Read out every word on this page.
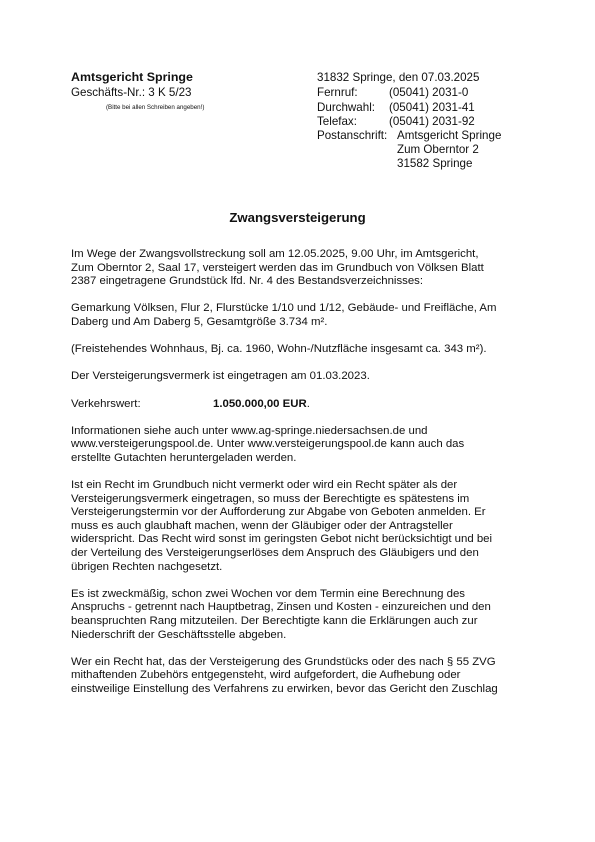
Amtsgericht Springe
Geschäfts-Nr.: 3 K 5/23
(Bitte bei allen Schreiben angeben!)
31832 Springe, den 07.03.2025
Fernruf:	(05041) 2031-0
Durchwahl: (05041) 2031-41
Telefax:	(05041) 2031-92
Postanschrift: Amtsgericht Springe
Zum Oberntor 2
31582 Springe
Zwangsversteigerung

Im Wege der Zwangsvollstreckung soll am 12.05.2025, 9.00 Uhr, im Amtsgericht,
Zum Oberntor 2, Saal 17, versteigert werden das im Grundbuch von Völksen Blatt
2387 eingetragene Grundstück lfd. Nr. 4 des Bestandsverzeichnisses:

Gemarkung Völksen, Flur 2, Flurstücke 1/10 und 1/12, Gebäude- und Freifläche, Am
Daberg und Am Daberg 5, Gesamtgröße 3.734 m².

(Freistehendes Wohnhaus, Bj. ca. 1960, Wohn-/Nutzfläche insgesamt ca. 343 m²).

Der Versteigerungsvermerk ist eingetragen am 01.03.2023.

Verkehrswert:	1.050.000,00 EUR.

Informationen siehe auch unter www.ag-springe.niedersachsen.de und
www.versteigerungspool.de. Unter www.versteigerungspool.de kann auch das
erstellte Gutachten heruntergeladen werden.

Ist ein Recht im Grundbuch nicht vermerkt oder wird ein Recht später als der
Versteigerungsvermerk eingetragen, so muss der Berechtigte es spätestens im
Versteigerungstermin vor der Aufforderung zur Abgabe von Geboten anmelden. Er
muss es auch glaubhaft machen, wenn der Gläubiger oder der Antragsteller
widerspricht. Das Recht wird sonst im geringsten Gebot nicht berücksichtigt und bei
der Verteilung des Versteigerungserlöses dem Anspruch des Gläubigers und den
übrigen Rechten nachgesetzt.

Es ist zweckmäßig, schon zwei Wochen vor dem Termin eine Berechnung des
Anspruchs - getrennt nach Hauptbetrag, Zinsen und Kosten - einzureichen und den
beanspruchten Rang mitzuteilen. Der Berechtigte kann die Erklärungen auch zur
Niederschrift der Geschäftsstelle abgeben.

Wer ein Recht hat, das der Versteigerung des Grundstücks oder des nach § 55 ZVG
mithaftenden Zubehörs entgegensteht, wird aufgefordert, die Aufhebung oder
einstweilige Einstellung des Verfahrens zu erwirken, bevor das Gericht den Zuschlag
